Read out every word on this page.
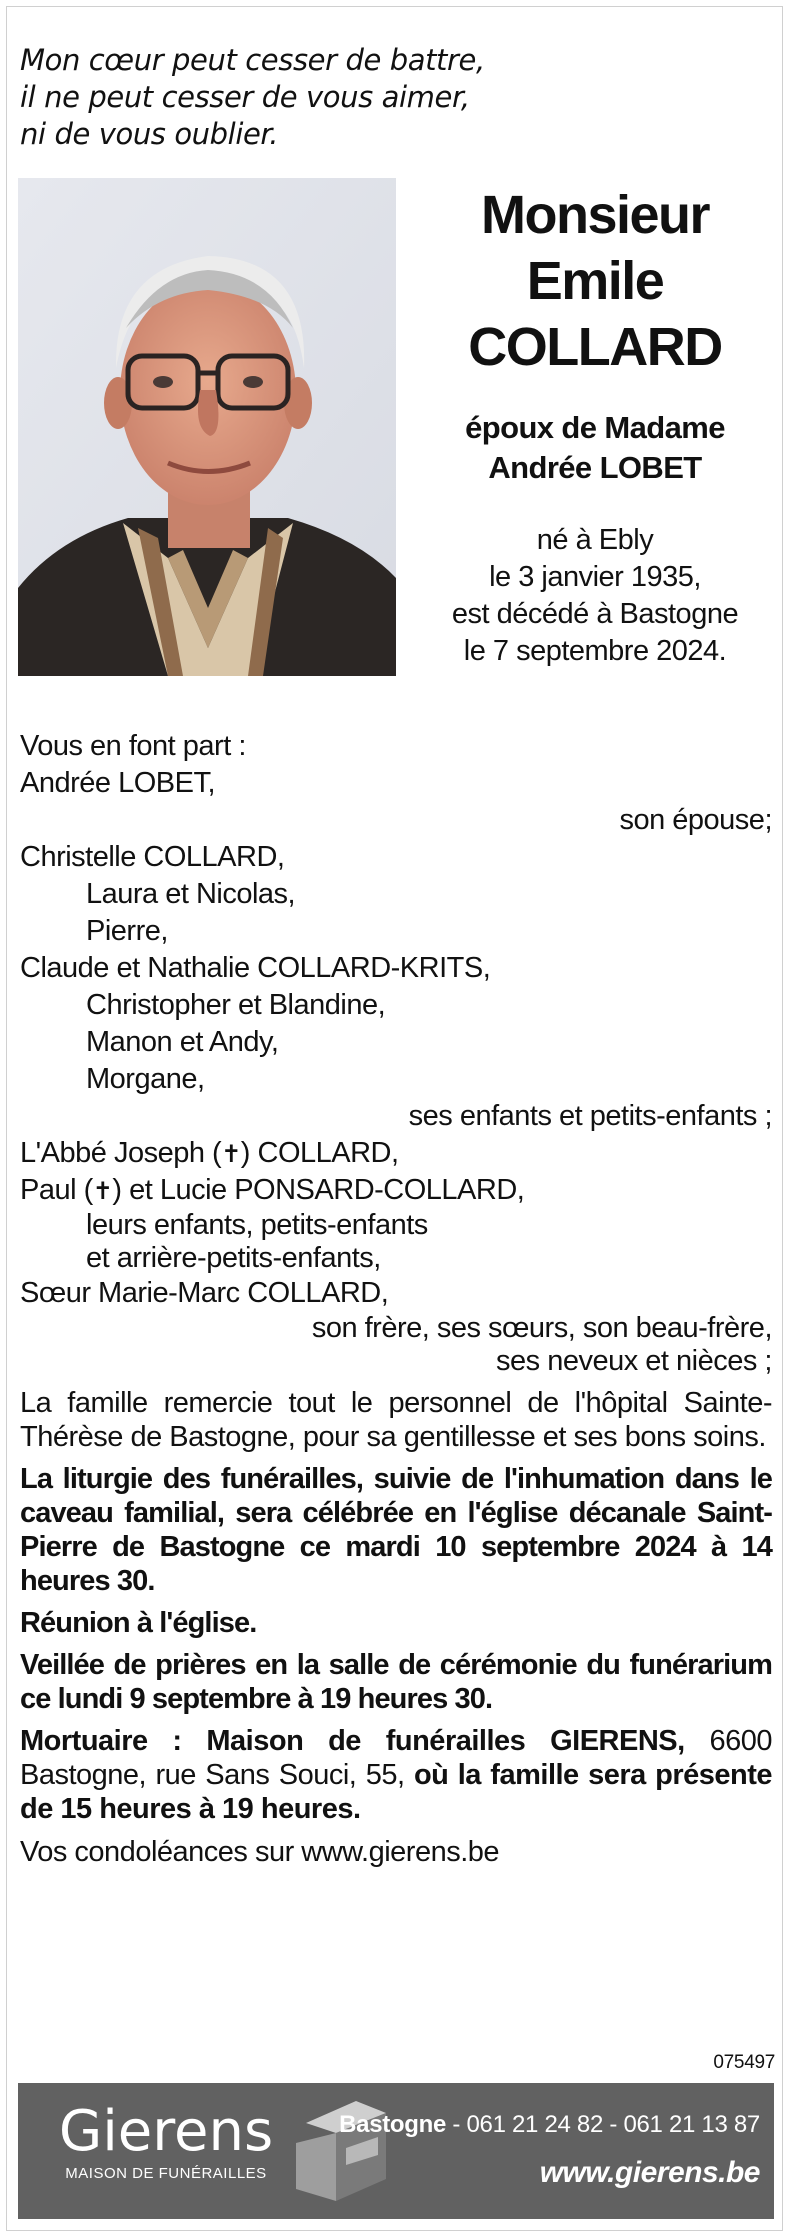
Mon cœur peut cesser de battre,
il ne peut cesser de vous aimer,
ni de vous oublier.
Monsieur
Emile
COLLARD
époux de Madame
Andrée LOBET
né à Ebly
le 3 janvier 1935,
est décédé à Bastogne
le 7 septembre 2024.
Vous en font part :
Andrée LOBET,
son épouse;
Christelle COLLARD,
Laura et Nicolas,
Pierre,
Claude et Nathalie COLLARD-KRITS,
Christopher et Blandine,
Manon et Andy,
Morgane,
ses enfants et petits-enfants ;
L'Abbé Joseph (✝) COLLARD,
Paul (✝) et Lucie PONSARD-COLLARD,
leurs enfants, petits-enfants
et arrière-petits-enfants,
Sœur Marie-Marc COLLARD,
son frère, ses sœurs, son beau-frère,
ses neveux et nièces ;
La famille remercie tout le personnel de l'hôpital Sainte-Thérèse de Bastogne, pour sa gentillesse et ses bons soins.
La liturgie des funérailles, suivie de l'inhumation dans le caveau familial, sera célébrée en l'église décanale Saint-Pierre de Bastogne ce mardi 10 septembre 2024 à 14 heures 30.
Réunion à l'église.
Veillée de prières en la salle de cérémonie du funérarium ce lundi 9 septembre à 19 heures 30.
Mortuaire : Maison de funérailles GIERENS, 6600 Bastogne, rue Sans Souci, 55, où la famille sera présente de 15 heures à 19 heures.
Vos condoléances sur www.gierens.be
075497
Gierens
MAISON DE FUNÉRAILLES
Bastogne - 061 21 24 82 - 061 21 13 87
www.gierens.be
